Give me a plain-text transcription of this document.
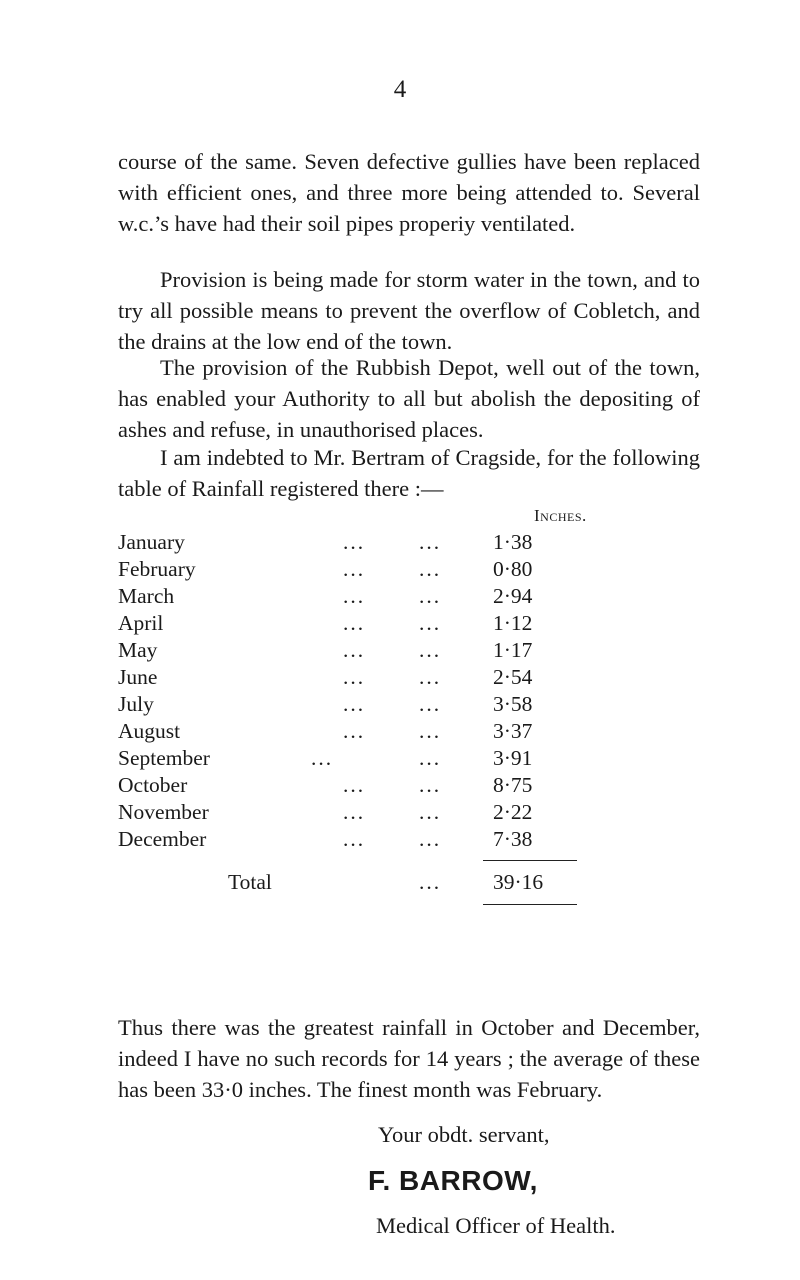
4

course of the same. Seven defective gullies have been replaced with efficient ones, and three more being attended to. Several w.c.’s have had their soil pipes properiy ventilated.

Provision is being made for storm water in the town, and to try all possible means to prevent the overflow of Cobletch, and the drains at the low end of the town.

The provision of the Rubbish Depot, well out of the town, has enabled your Authority to all but abolish the depositing of ashes and refuse, in unauthorised places.

I am indebted to Mr. Bertram of Cragside, for the following table of Rainfall registered there :—

Inches.
January	...	... 1·38
February	...	... 0·80
March	...	... 2·94
April	...	... 1·12
May	...	... 1·17
June	...	... 2·54
July	...	... 3·58
August	...	... 3·37
September	...	... 3·91
October	...	... 8·75
November	...	... 2·22
December	...	... 7·38
Total	... 39·16

Thus there was the greatest rainfall in October and December, indeed I have no such records for 14 years ; the average of these has been 33·0 inches. The finest month was February.

Your obdt. servant,
F. BARROW,
Medical Officer of Health.
